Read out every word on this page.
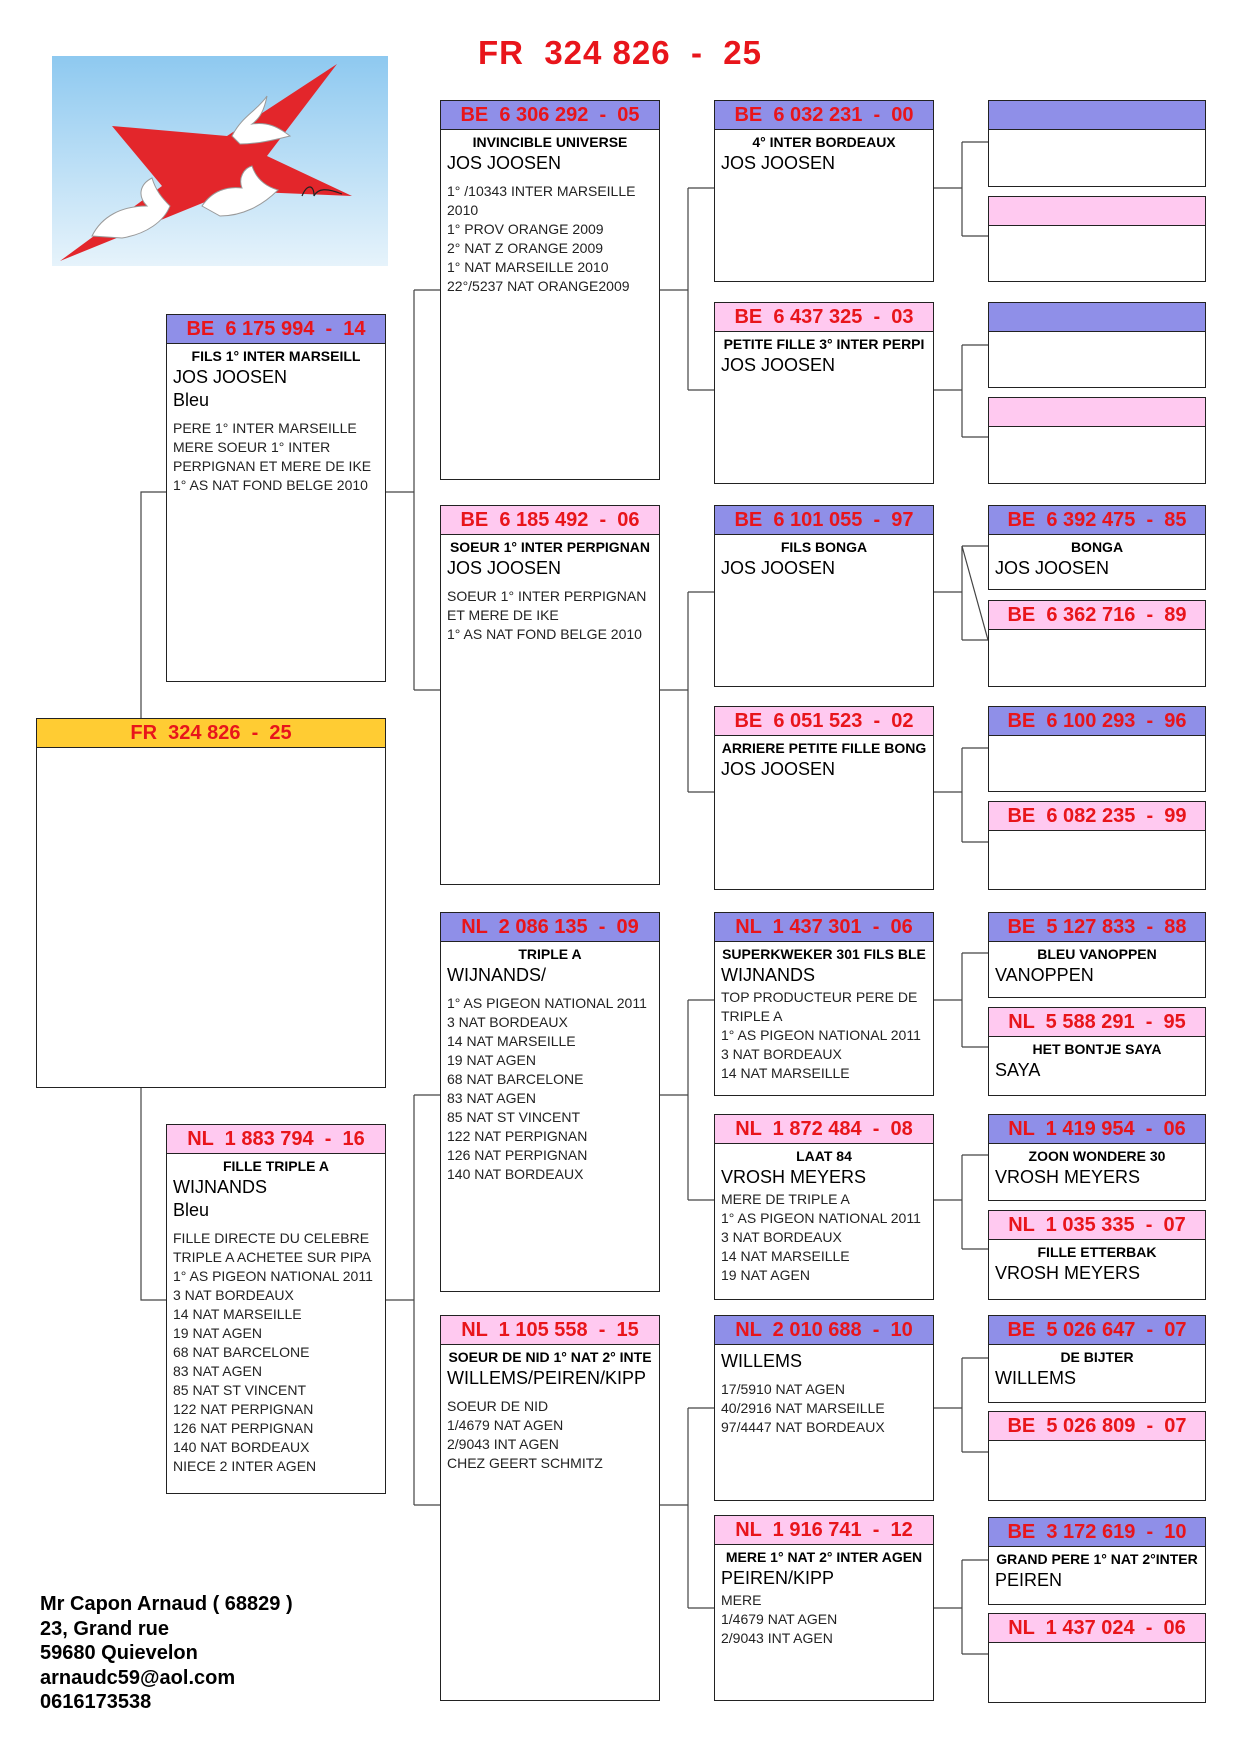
FR  324 826  -  25
FR  324 826  -  25
BE  6 175 994  -  14
FILS 1° INTER MARSEILL
JOS JOOSEN
Bleu
PERE 1° INTER MARSEILLE
MERE SOEUR 1° INTER
PERPIGNAN ET MERE DE IKE
1° AS NAT FOND BELGE 2010
NL  1 883 794  -  16
FILLE TRIPLE A
WIJNANDS
Bleu
FILLE DIRECTE DU CELEBRE
TRIPLE A ACHETEE SUR PIPA
1° AS PIGEON NATIONAL 2011
3 NAT BORDEAUX
14 NAT MARSEILLE
19 NAT AGEN
68 NAT BARCELONE
83 NAT AGEN
85 NAT ST VINCENT
122 NAT PERPIGNAN
126 NAT PERPIGNAN
140 NAT BORDEAUX
NIECE 2 INTER AGEN
BE  6 306 292  -  05
INVINCIBLE UNIVERSE
JOS JOOSEN
1° /10343 INTER MARSEILLE
2010
1° PROV ORANGE 2009
2° NAT Z ORANGE 2009
1° NAT MARSEILLE 2010
22°/5237 NAT ORANGE2009
BE  6 185 492  -  06
SOEUR 1° INTER PERPIGNAN
JOS JOOSEN
SOEUR 1° INTER PERPIGNAN
ET MERE DE IKE
1° AS NAT FOND BELGE 2010
NL  2 086 135  -  09
TRIPLE A
WIJNANDS/
1° AS PIGEON NATIONAL 2011
3 NAT BORDEAUX
14 NAT MARSEILLE
19 NAT AGEN
68 NAT BARCELONE
83 NAT AGEN
85 NAT ST VINCENT
122 NAT PERPIGNAN
126 NAT PERPIGNAN
140 NAT BORDEAUX
NL  1 105 558  -  15
SOEUR DE NID 1° NAT 2° INTE
WILLEMS/PEIREN/KIPP
SOEUR DE NID
1/4679 NAT AGEN
2/9043 INT AGEN
CHEZ GEERT SCHMITZ
BE  6 032 231  -  00
4° INTER BORDEAUX
JOS JOOSEN
BE  6 437 325  -  03
PETITE FILLE 3° INTER PERPI
JOS JOOSEN
BE  6 101 055  -  97
FILS BONGA
JOS JOOSEN
BE  6 051 523  -  02
ARRIERE PETITE FILLE BONG
JOS JOOSEN
NL  1 437 301  -  06
SUPERKWEKER 301 FILS BLE
WIJNANDS
TOP PRODUCTEUR PERE DE
TRIPLE A
1° AS PIGEON NATIONAL 2011
3 NAT BORDEAUX
14 NAT MARSEILLE
NL  1 872 484  -  08
LAAT 84
VROSH MEYERS
MERE DE TRIPLE A
1° AS PIGEON NATIONAL 2011
3 NAT BORDEAUX
14 NAT MARSEILLE
19 NAT AGEN
NL  2 010 688  -  10
WILLEMS
17/5910 NAT AGEN
40/2916 NAT MARSEILLE
97/4447 NAT BORDEAUX
NL  1 916 741  -  12
MERE 1° NAT 2° INTER AGEN
PEIREN/KIPP
MERE
1/4679 NAT AGEN
2/9043 INT AGEN
BE  6 392 475  -  85
BONGA
JOS JOOSEN
BE  6 362 716  -  89
BE  6 100 293  -  96
BE  6 082 235  -  99
BE  5 127 833  -  88
BLEU VANOPPEN
VANOPPEN
NL  5 588 291  -  95
HET BONTJE SAYA
SAYA
NL  1 419 954  -  06
ZOON WONDERE 30
VROSH MEYERS
NL  1 035 335  -  07
FILLE ETTERBAK
VROSH MEYERS
BE  5 026 647  -  07
DE BIJTER
WILLEMS
BE  5 026 809  -  07
BE  3 172 619  -  10
GRAND PERE 1° NAT 2°INTER
PEIREN
NL  1 437 024  -  06
Mr Capon Arnaud ( 68829 )
23, Grand rue
59680 Quievelon
arnaudc59@aol.com
0616173538
